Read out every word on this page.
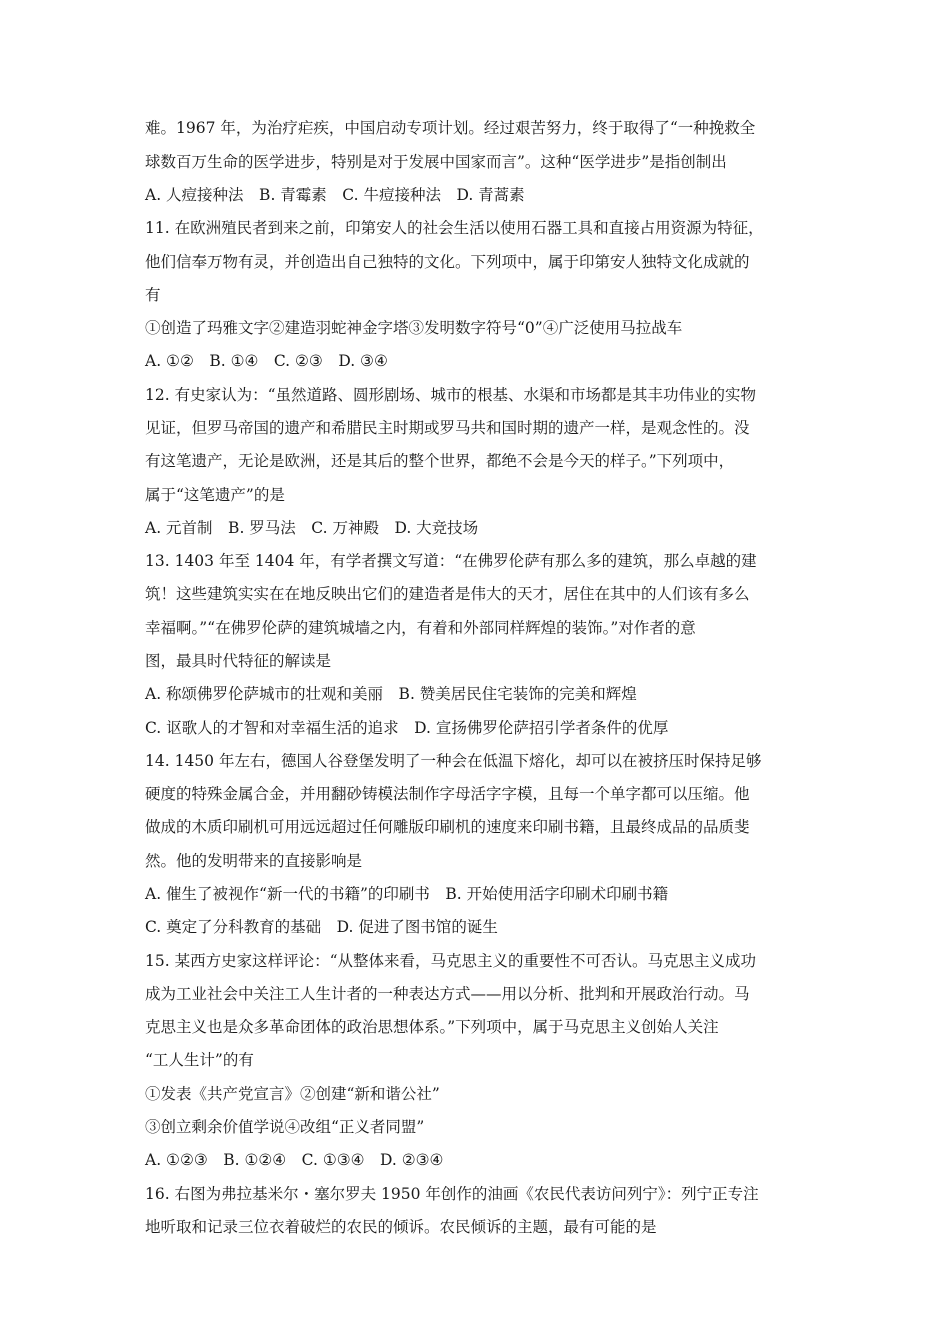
难。1967 年，为治疗疟疾，中国启动专项计划。经过艰苦努力，终于取得了“一种挽救全
球数百万生命的医学进步，特别是对于发展中国家而言”。这种“医学进步”是指创制出
A. 人痘接种法　B. 青霉素　C. 牛痘接种法　D. 青蒿素
11. 在欧洲殖民者到来之前，印第安人的社会生活以使用石器工具和直接占用资源为特征，
他们信奉万物有灵，并创造出自己独特的文化。下列项中，属于印第安人独特文化成就的
有
①创造了玛雅文字②建造羽蛇神金字塔③发明数字符号“0”④广泛使用马拉战车
A. ①②　B. ①④　C. ②③　D. ③④
12. 有史家认为：“虽然道路、圆形剧场、城市的根基、水渠和市场都是其丰功伟业的实物
见证，但罗马帝国的遗产和希腊民主时期或罗马共和国时期的遗产一样，是观念性的。没
有这笔遗产，无论是欧洲，还是其后的整个世界，都绝不会是今天的样子。”下列项中，
属于“这笔遗产”的是
A. 元首制　B. 罗马法　C. 万神殿　D. 大竞技场
13. 1403 年至 1404 年，有学者撰文写道：“在佛罗伦萨有那么多的建筑，那么卓越的建
筑！这些建筑实实在在地反映出它们的建造者是伟大的天才，居住在其中的人们该有多么
幸福啊。”“在佛罗伦萨的建筑城墙之内，有着和外部同样辉煌的装饰。”对作者的意
图，最具时代特征的解读是
A. 称颂佛罗伦萨城市的壮观和美丽　B. 赞美居民住宅装饰的完美和辉煌
C. 讴歌人的才智和对幸福生活的追求　D. 宣扬佛罗伦萨招引学者条件的优厚
14. 1450 年左右，德国人谷登堡发明了一种会在低温下熔化，却可以在被挤压时保持足够
硬度的特殊金属合金，并用翻砂铸模法制作字母活字字模，且每一个单字都可以压缩。他
做成的木质印刷机可用远远超过任何雕版印刷机的速度来印刷书籍，且最终成品的品质斐
然。他的发明带来的直接影响是
A. 催生了被视作“新一代的书籍”的印刷书　B. 开始使用活字印刷术印刷书籍
C. 奠定了分科教育的基础　D. 促进了图书馆的诞生
15. 某西方史家这样评论：“从整体来看，马克思主义的重要性不可否认。马克思主义成功
成为工业社会中关注工人生计者的一种表达方式——用以分析、批判和开展政治行动。马
克思主义也是众多革命团体的政治思想体系。”下列项中，属于马克思主义创始人关注
“工人生计”的有
①发表《共产党宣言》②创建“新和谐公社”
③创立剩余价值学说④改组“正义者同盟”
A. ①②③　B. ①②④　C. ①③④　D. ②③④
16. 右图为弗拉基米尔・塞尔罗夫 1950 年创作的油画《农民代表访问列宁》：列宁正专注
地听取和记录三位衣着破烂的农民的倾诉。农民倾诉的主题，最有可能的是
